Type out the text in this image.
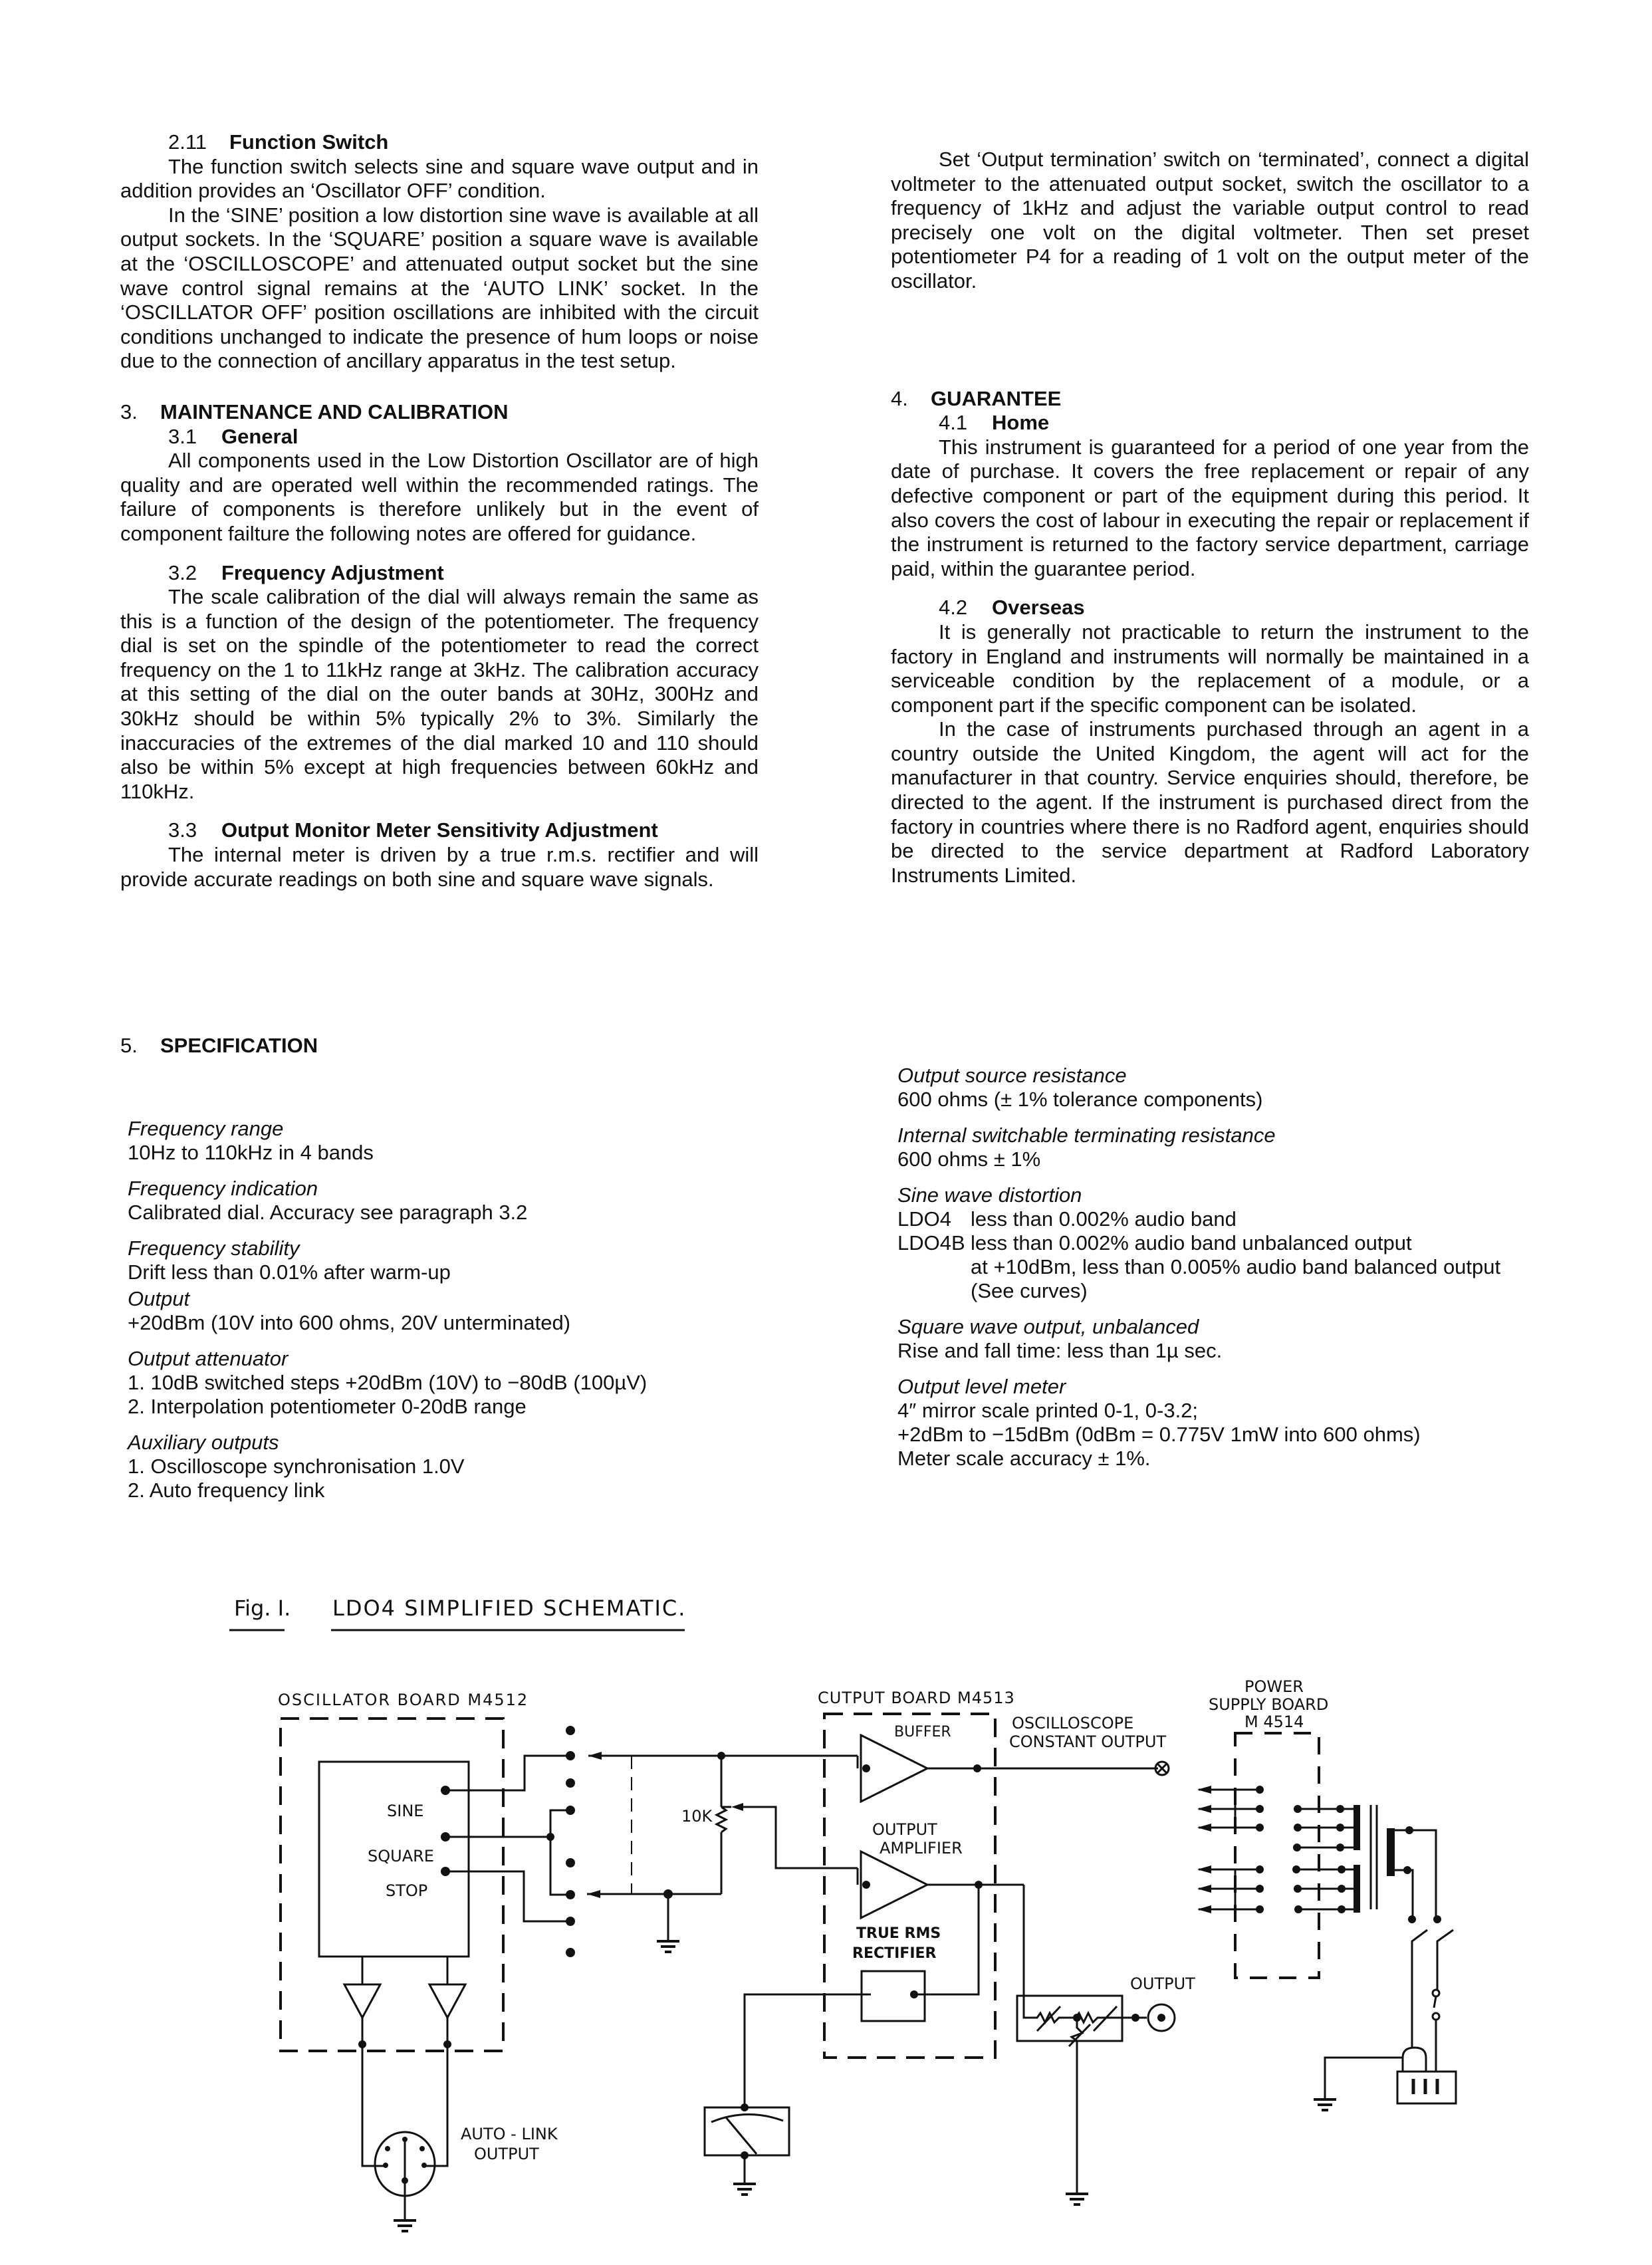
2.11 Function Switch

The function switch selects sine and square wave output and in addition provides an ‘Oscillator OFF’ condition.

In the ‘SINE’ position a low distortion sine wave is available at all output sockets. In the ‘SQUARE’ position a square wave is available at the ‘OSCILLOSCOPE’ and attenuated output socket but the sine wave control signal remains at the ‘AUTO LINK’ socket. In the ‘OSCILLATOR OFF’ position oscillations are inhibited with the circuit conditions unchanged to indicate the presence of hum loops or noise due to the connection of ancillary apparatus in the test setup.

3. MAINTENANCE AND CALIBRATION
3.1 General

All components used in the Low Distortion Oscillator are of high quality and are operated well within the recommended ratings. The failure of components is therefore unlikely but in the event of component failture the following notes are offered for guidance.

3.2 Frequency Adjustment

The scale calibration of the dial will always remain the same as this is a function of the design of the potentiometer. The frequency dial is set on the spindle of the potentiometer to read the correct frequency on the 1 to 11kHz range at 3kHz. The calibration accuracy at this setting of the dial on the outer bands at 30Hz, 300Hz and 30kHz should be within 5% typically 2% to 3%. Similarly the inaccuracies of the extremes of the dial marked 10 and 110 should also be within 5% except at high frequencies between 60kHz and 110kHz.

3.3 Output Monitor Meter Sensitivity Adjustment

The internal meter is driven by a true r.m.s. rectifier and will provide accurate readings on both sine and square wave signals.

Set ‘Output termination’ switch on ‘terminated’, connect a digital voltmeter to the attenuated output socket, switch the oscillator to a frequency of 1kHz and adjust the variable output control to read precisely one volt on the digital voltmeter. Then set preset potentiometer P4 for a reading of 1 volt on the output meter of the oscillator.

4. GUARANTEE
4.1 Home

This instrument is guaranteed for a period of one year from the date of purchase. It covers the free replacement or repair of any defective component or part of the equipment during this period. It also covers the cost of labour in executing the repair or replacement if the instrument is returned to the factory service department, carriage paid, within the guarantee period.

4.2 Overseas

It is generally not practicable to return the instrument to the factory in England and instruments will normally be maintained in a serviceable condition by the replacement of a module, or a component part if the specific component can be isolated.

In the case of instruments purchased through an agent in a country outside the United Kingdom, the agent will act for the manufacturer in that country. Service enquiries should, therefore, be directed to the agent. If the instrument is purchased direct from the factory in countries where there is no Radford agent, enquiries should be directed to the service department at Radford Laboratory Instruments Limited.

5. SPECIFICATION
Frequency range
10Hz to 110kHz in 4 bands
Frequency indication
Calibrated dial. Accuracy see paragraph 3.2
Frequency stability
Drift less than 0.01% after warm-up
Output
+20dBm (10V into 600 ohms, 20V unterminated)
Output attenuator
1. 10dB switched steps +20dBm (10V) to −80dB (100µV)
2. Interpolation potentiometer 0-20dB range
Auxiliary outputs
1. Oscilloscope synchronisation 1.0V
2. Auto frequency link
Output source resistance
600 ohms (± 1% tolerance components)
Internal switchable terminating resistance
600 ohms ± 1%
Sine wave distortion
LDO4 less than 0.002% audio band
LDO4B less than 0.002% audio band unbalanced output
at +10dBm, less than 0.005% audio band balanced output
(See curves)
Square wave output, unbalanced
Rise and fall time: less than 1µ sec.
Output level meter
4″ mirror scale printed 0-1, 0-3.2;
+2dBm to −15dBm (0dBm = 0.775V 1mW into 600 ohms)
Meter scale accuracy ± 1%.
Fig. I. LDO4 SIMPLIFIED SCHEMATIC.
OSCILLATOR BOARD M4512
SINE
SQUARE
STOP
10K
AUTO - LINK
OUTPUT
CUTPUT BOARD M4513
BUFFER	OSCILLOSCOPE
CONSTANT OUTPUT
OUTPUT
AMPLIFIER
TRUE RMS
RECTIFIER
OUTPUT
POWER
SUPPLY BOARD
M 4514
